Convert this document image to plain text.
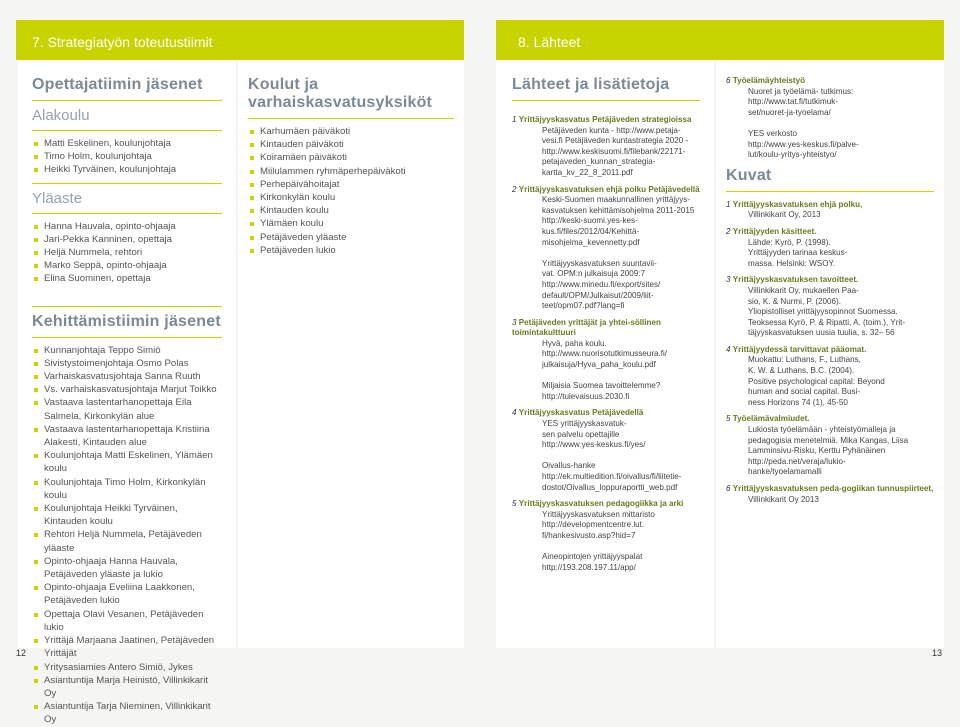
7. Strategiatyön toteutustiimit
Opettajatiimin jäsenet
Alakoulu
Matti Eskelinen, koulunjohtaja
Timo Holm, koulunjohtaja
Heikki Tyrväinen, koulunjohtaja
Yläaste
Hanna Hauvala, opinto-ohjaaja
Jari-Pekka Kanninen, opettaja
Heljä Nummela, rehtori
Marko Seppä, opinto-ohjaaja
Elina Suominen, opettaja
Kehittämistiimin jäsenet
Kunnanjohtaja Teppo Simiö
Sivistystoimenjohtaja Osmo Polas
Varhaiskasvatusjohtaja Sanna Ruuth
Vs. varhaiskasvatusjohtaja Marjut Toikko
Vastaava lastentarhanopettaja Eila Salmela, Kirkonkylän alue
Vastaava lastentarhanopettaja Kristiina Alakesti, Kintauden alue
Koulunjohtaja Matti Eskelinen, Ylämäen koulu
Koulunjohtaja Timo Holm, Kirkonkylän koulu
Koulunjohtaja Heikki Tyrväinen, Kintauden koulu
Rehtori Heljä Nummela, Petäjäveden yläaste
Opinto-ohjaaja Hanna Hauvala, Petäjäveden yläaste ja lukio
Opinto-ohjaaja Eveliina Laakkonen, Petäjäveden lukio
Opettaja Olavi Vesanen, Petäjäveden lukio
Yrittäjä Marjaana Jaatinen, Petäjäveden Yrittäjät
Yritysasiamies Antero Simiö, Jykes
Asiantuntija Marja Heinistö, Villinkikarit Oy
Asiantuntija Tarja Nieminen, Villinkikarit Oy
Koulut ja varhaiskasvatusyksiköt
Karhumäen päiväkoti
Kintauden päiväkoti
Koiramäen päiväkoti
Miilulammen ryhmäperhepäiväkoti
Perhepäivähoitajat
Kirkonkylän koulu
Kintauden koulu
Ylämäen koulu
Petäjäveden yläaste
Petäjäveden lukio
12
8. Lähteet
Lähteet ja lisätietoja
1 Yrittäjyyskasvatus Petäjäveden strategioissa
Petäjäveden kunta - http://www.petaja-
vesi.fi Petäjäveden kuntastrategia 2020 -
http://www.keskisuomi.fi/filebank/22171-
petajaveden_kunnan_strategia-
kartta_kv_22_8_2011.pdf
2 Yrittäjyyskasvatuksen ehjä polku Petäjävedellä
Keski-Suomen maakunnallinen yrittäjyys-
kasvatuksen kehittämisohjelma 2011-2015
http://keski-suomi.yes-kes-
kus.fi/files/2012/04/Kehittä-
misohjelma_kevennetty.pdf

Yrittäjyyskasvatuksen suuntavii-
vat. OPM:n julkaisuja 2009:7
http://www.minedu.fi/export/sites/
default/OPM/Julkaisut/2009/liit-
teet/opm07.pdf?lang=fi
3 Petäjäveden yrittäjät ja yhtei-söllinen toimintakulttuuri
Hyvä, paha koulu.
http://www.nuorisotutkimusseura.fi/
julkaisuja/Hyva_paha_koulu.pdf

Miljaisia Suomea tavoittelemme?
http://tulevaisuus.2030.fi
4 Yrittäjyyskasvatus Petäjävedellä
YES yrittäjyyskasvatuk-
sen palvelu opettajille
http://www.yes-keskus.fi/yes/

Oivallus-hanke
http://ek.multiedition.fi/oivallus/fi/liitetie-
dostot/Oivallus_loppuraportti_web.pdf
5 Yrittäjyyskasvatuksen pedagogiikka ja arki
Yrittäjyyskasvatuksen mittaristo
http://developmentcentre.lut.
fi/hankesivusto.asp?hid=7

Aineopintojen yrittäjyyspalat
http://193.208.197.11/app/
6 Työelämäyhteistyö
Nuoret ja työelämä- tutkimus:
http://www.tat.fi/tutkimuk-
set/nuoret-ja-tyoelama/

YES verkosto
http://www.yes-keskus.fi/palve-
lut/koulu-yritys-yhteistyo/
Kuvat
1 Yrittäjyyskasvatuksen ehjä polku,
Villinkikarit Oy, 2013
2 Yrittäjyyden käsitteet.
Lähde: Kyrö, P. (1998).
Yrittäjyyden tarinaa keskus-
massa. Helsinki: WSOY.
3 Yrittäjyyskasvatuksen tavoitteet.
Villinkikarit Oy, mukaellen Paa-
sio, K. & Nurmi, P. (2006).
Yliopistolliset yrittäjyysopinnot Suomessa.
Teoksessa Kyrö, P. & Ripatti, A. (toim.), Yrit-
täjyyskasvatuksen uusia tuulia, s. 32– 56
4 Yrittäjyydessä tarvittavat pääomat.
Muokattu: Luthans, F., Luthans,
K. W. & Luthans, B.C. (2004).
Positive psychological capital: Beyond
human and social capital. Busi-
ness Horizons 74 (1), 45-50
5 Työelämävalmiudet.
Lukiosta työelämään - yhteistyömalleja ja
pedagogisia menetelmiä. Mika Kangas, Liisa
Lamminsivu-Risku, Kerttu Pyhänäinen
http://peda.net/veraja/lukio-
hanke/tyoelamamalli
6 Yrittäjyyskasvatuksen peda-gogiikan tunnuspiirteet,
Villinkikarit Oy 2013
13
